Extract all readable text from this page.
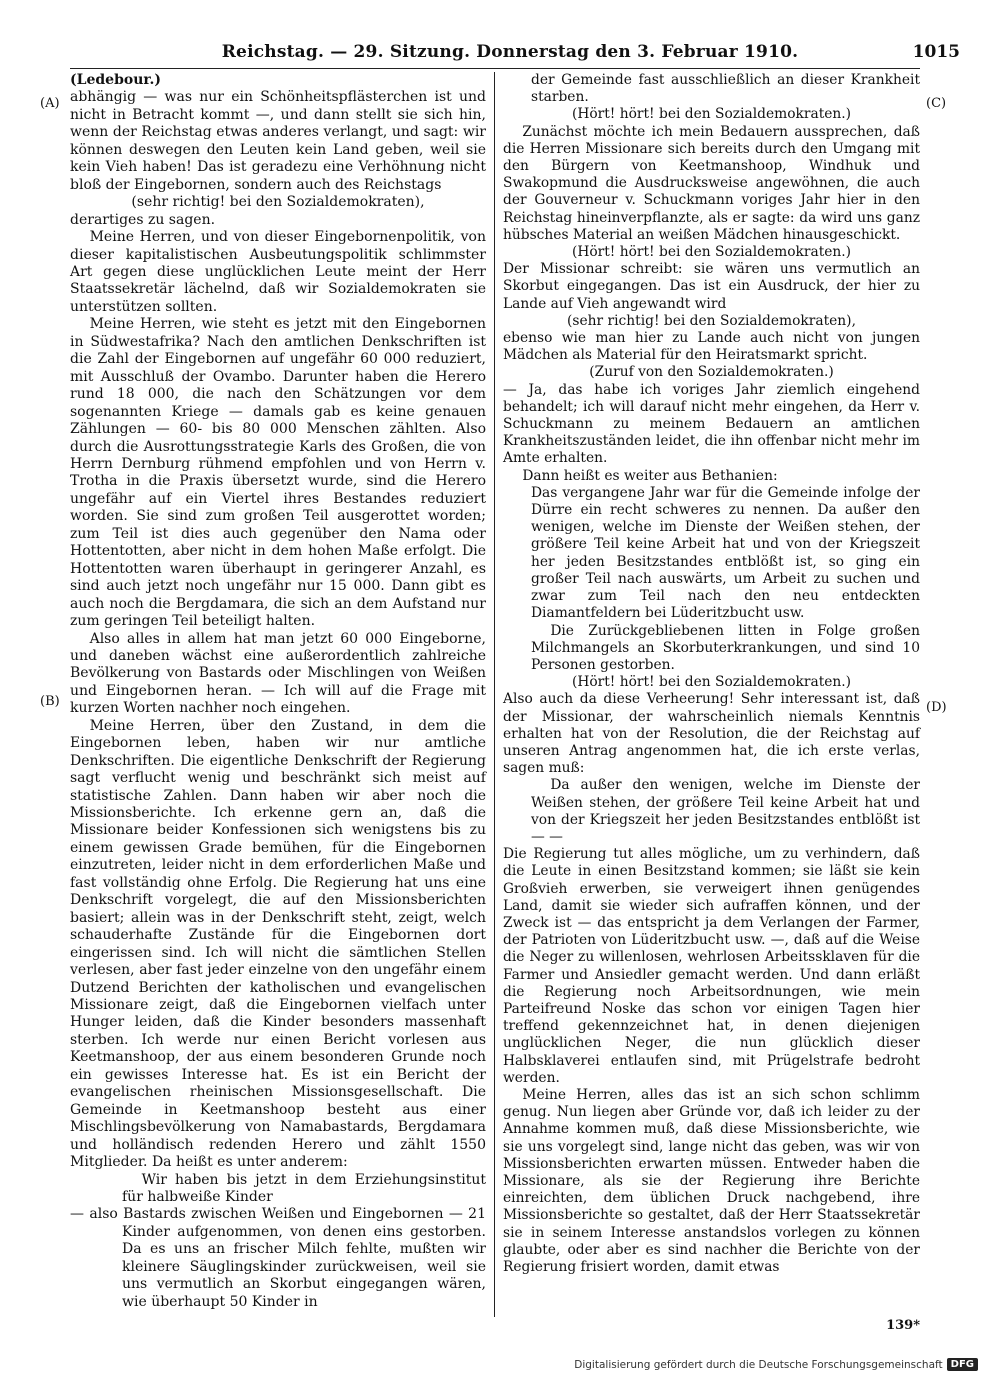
Reichstag. — 29. Sitzung. Donnerstag den 3. Februar 1910.	1015
(A)
(B)
(C)
(D)

(Ledebour.)

abhängig — was nur ein Schönheitspflästerchen ist und nicht in Betracht kommt —, und dann stellt sie sich hin, wenn der Reichstag etwas anderes verlangt, und sagt: wir können deswegen den Leuten kein Land geben, weil sie kein Vieh haben! Das ist geradezu eine Verhöhnung nicht bloß der Eingebornen, sondern auch des Reichstags

(sehr richtig! bei den Sozialdemokraten),

derartiges zu sagen.

Meine Herren, und von dieser Eingebornenpolitik, von dieser kapitalistischen Ausbeutungspolitik schlimmster Art gegen diese unglücklichen Leute meint der Herr Staatssekretär lächelnd, daß wir Sozialdemokraten sie unterstützen sollten.

Meine Herren, wie steht es jetzt mit den Eingebornen in Südwestafrika? Nach den amtlichen Denkschriften ist die Zahl der Eingebornen auf ungefähr 60 000 reduziert, mit Ausschluß der Ovambo. Darunter haben die Herero rund 18 000, die nach den Schätzungen vor dem sogenannten Kriege — damals gab es keine genauen Zählungen — 60- bis 80 000 Menschen zählten. Also durch die Ausrottungsstrategie Karls des Großen, die von Herrn Dernburg rühmend empfohlen und von Herrn v. Trotha in die Praxis übersetzt wurde, sind die Herero ungefähr auf ein Viertel ihres Bestandes reduziert worden. Sie sind zum großen Teil ausgerottet worden; zum Teil ist dies auch gegenüber den Nama oder Hottentotten, aber nicht in dem hohen Maße erfolgt. Die Hottentotten waren überhaupt in geringerer Anzahl, es sind auch jetzt noch ungefähr nur 15 000. Dann gibt es auch noch die Bergdamara, die sich an dem Aufstand nur zum geringen Teil beteiligt halten.

Also alles in allem hat man jetzt 60 000 Eingeborne, und daneben wächst eine außerordentlich zahlreiche Bevölkerung von Bastards oder Mischlingen von Weißen und Eingebornen heran. — Ich will auf die Frage mit kurzen Worten nachher noch eingehen.

Meine Herren, über den Zustand, in dem die Eingebornen leben, haben wir nur amtliche Denkschriften. Die eigentliche Denkschrift der Regierung sagt verflucht wenig und beschränkt sich meist auf statistische Zahlen. Dann haben wir aber noch die Missionsberichte. Ich erkenne gern an, daß die Missionare beider Konfessionen sich wenigstens bis zu einem gewissen Grade bemühen, für die Eingebornen einzutreten, leider nicht in dem erforderlichen Maße und fast vollständig ohne Erfolg. Die Regierung hat uns eine Denkschrift vorgelegt, die auf den Missionsberichten basiert; allein was in der Denkschrift steht, zeigt, welch schauderhafte Zustände für die Eingebornen dort eingerissen sind. Ich will nicht die sämtlichen Stellen verlesen, aber fast jeder einzelne von den ungefähr einem Dutzend Berichten der katholischen und evangelischen Missionare zeigt, daß die Eingebornen vielfach unter Hunger leiden, daß die Kinder besonders massenhaft sterben. Ich werde nur einen Bericht vorlesen aus Keetmanshoop, der aus einem besonderen Grunde noch ein gewisses Interesse hat. Es ist ein Bericht der evangelischen rheinischen Missionsgesellschaft. Die Gemeinde in Keetmanshoop besteht aus einer Mischlingsbevölkerung von Namabastards, Bergdamara und holländisch redenden Herero und zählt 1550 Mitglieder. Da heißt es unter anderem:

Wir haben bis jetzt in dem Erziehungsinstitut für halbweiße Kinder

— also Bastards zwischen Weißen und Eingebornen — 21 Kinder aufgenommen, von denen eins gestorben. Da es uns an frischer Milch fehlte, mußten wir kleinere Säuglingskinder zurückweisen, weil sie uns vermutlich an Skorbut eingegangen wären, wie überhaupt 50 Kinder in

der Gemeinde fast ausschließlich an dieser Krankheit starben.

(Hört! hört! bei den Sozialdemokraten.)

Zunächst möchte ich mein Bedauern aussprechen, daß die Herren Missionare sich bereits durch den Umgang mit den Bürgern von Keetmanshoop, Windhuk und Swakopmund die Ausdrucksweise angewöhnen, die auch der Gouverneur v. Schuckmann voriges Jahr hier in den Reichstag hineinverpflanzte, als er sagte: da wird uns ganz hübsches Material an weißen Mädchen hinausgeschickt.

(Hört! hört! bei den Sozialdemokraten.)

Der Missionar schreibt: sie wären uns vermutlich an Skorbut eingegangen. Das ist ein Ausdruck, der hier zu Lande auf Vieh angewandt wird

(sehr richtig! bei den Sozialdemokraten),

ebenso wie man hier zu Lande auch nicht von jungen Mädchen als Material für den Heiratsmarkt spricht.

(Zuruf von den Sozialdemokraten.)

— Ja, das habe ich voriges Jahr ziemlich eingehend behandelt; ich will darauf nicht mehr eingehen, da Herr v. Schuckmann zu meinem Bedauern an amtlichen Krankheitszuständen leidet, die ihn offenbar nicht mehr im Amte erhalten.

Dann heißt es weiter aus Bethanien:

Das vergangene Jahr war für die Gemeinde infolge der Dürre ein recht schweres zu nennen. Da außer den wenigen, welche im Dienste der Weißen stehen, der größere Teil keine Arbeit hat und von der Kriegszeit her jeden Besitzstandes entblößt ist, so ging ein großer Teil nach auswärts, um Arbeit zu suchen und zwar zum Teil nach den neu entdeckten Diamantfeldern bei Lüderitzbucht usw.

Die Zurückgebliebenen litten in Folge großen Milchmangels an Skorbuterkrankungen, und sind 10 Personen gestorben.

(Hört! hört! bei den Sozialdemokraten.)

Also auch da diese Verheerung! Sehr interessant ist, daß der Missionar, der wahrscheinlich niemals Kenntnis erhalten hat von der Resolution, die der Reichstag auf unseren Antrag angenommen hat, die ich erste verlas, sagen muß:

Da außer den wenigen, welche im Dienste der Weißen stehen, der größere Teil keine Arbeit hat und von der Kriegszeit her jeden Besitzstandes entblößt ist — —

Die Regierung tut alles mögliche, um zu verhindern, daß die Leute in einen Besitzstand kommen; sie läßt sie kein Großvieh erwerben, sie verweigert ihnen genügendes Land, damit sie wieder sich aufraffen können, und der Zweck ist — das entspricht ja dem Verlangen der Farmer, der Patrioten von Lüderitzbucht usw. —, daß auf die Weise die Neger zu willenlosen, wehrlosen Arbeitssklaven für die Farmer und Ansiedler gemacht werden. Und dann erläßt die Regierung noch Arbeitsordnungen, wie mein Parteifreund Noske das schon vor einigen Tagen hier treffend gekennzeichnet hat, in denen diejenigen unglücklichen Neger, die nun glücklich dieser Halbsklaverei entlaufen sind, mit Prügelstrafe bedroht werden.

Meine Herren, alles das ist an sich schon schlimm genug. Nun liegen aber Gründe vor, daß ich leider zu der Annahme kommen muß, daß diese Missionsberichte, wie sie uns vorgelegt sind, lange nicht das geben, was wir von Missionsberichten erwarten müssen. Entweder haben die Missionare, als sie der Regierung ihre Berichte einreichten, dem üblichen Druck nachgebend, ihre Missionsberichte so gestaltet, daß der Herr Staatssekretär sie in seinem Interesse anstandslos vorlegen zu können glaubte, oder aber es sind nachher die Berichte von der Regierung frisiert worden, damit etwas

139*
Digitalisierung gefördert durch die Deutsche Forschungsgemeinschaft DFG
